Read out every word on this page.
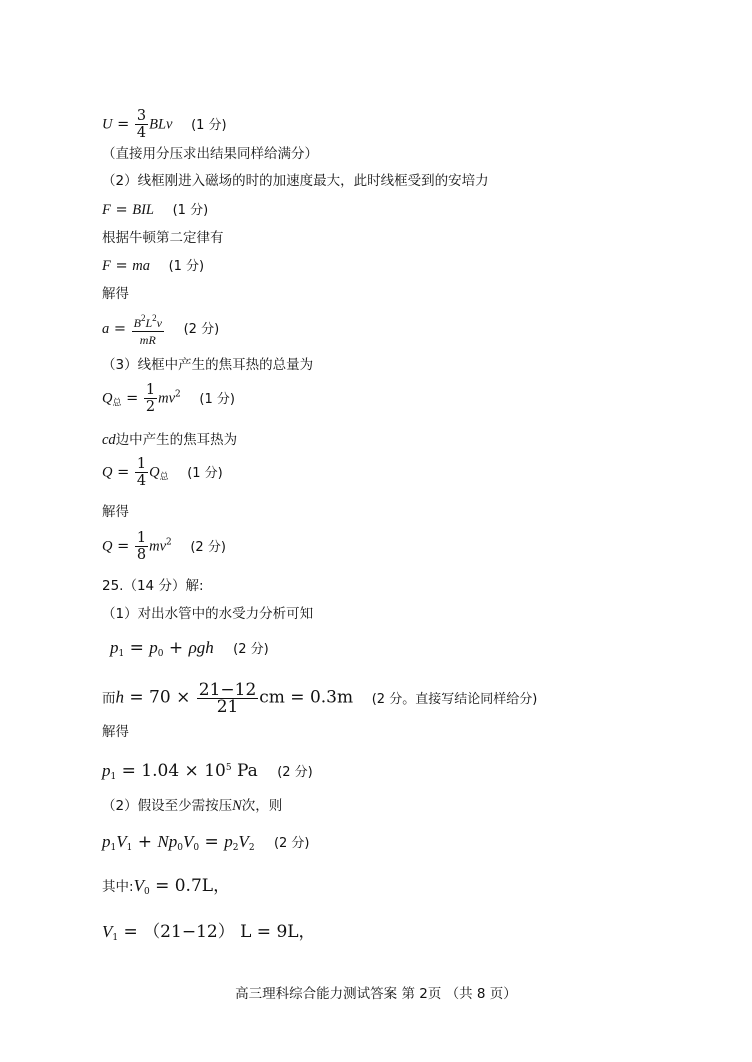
$U = \frac{3}{4}$ BLv (1 分)
（直接用分压求出结果同样给满分）
（2）线框刚进入磁场的时的加速度最大，此时线框受到的安培力
F = BIL (1 分)
根据牛顿第二定律有
F = ma (1 分)
解得
$a = \frac{B^2L^2v}{mR} (2$ 分)
（3）线框中产生的焦耳热的总量为
$Q_总 = \frac{1}{2} mv^2$ (1 分)
cd边中产生的焦耳热为
$Q = \frac{1}{4} Q_总$ (1 分)
解得
$Q = \frac{1}{8} mv^2$ (2 分)
25.（14 分）解:
（1）对出水管中的水受力分析可知
$p_1 = p_0 + \rho gh$ (2 分)
而$h = 70 \times \frac{21-12}{21}$ cm = 0.3m (2 分。直接写结论同样给分)
解得
$p_1 = 1.04 \times 10^5$ Pa (2 分)
（2）假设至少需按压N次，则
$p_1V_1 + Np_0V_0 = p_2V_2$ (2 分)
其中$:V_0 = 0.7L$，
$V_1 = (21-12) L = 9L$，
高三理科综合能力测试答案 第 2页 （共 8 页）
